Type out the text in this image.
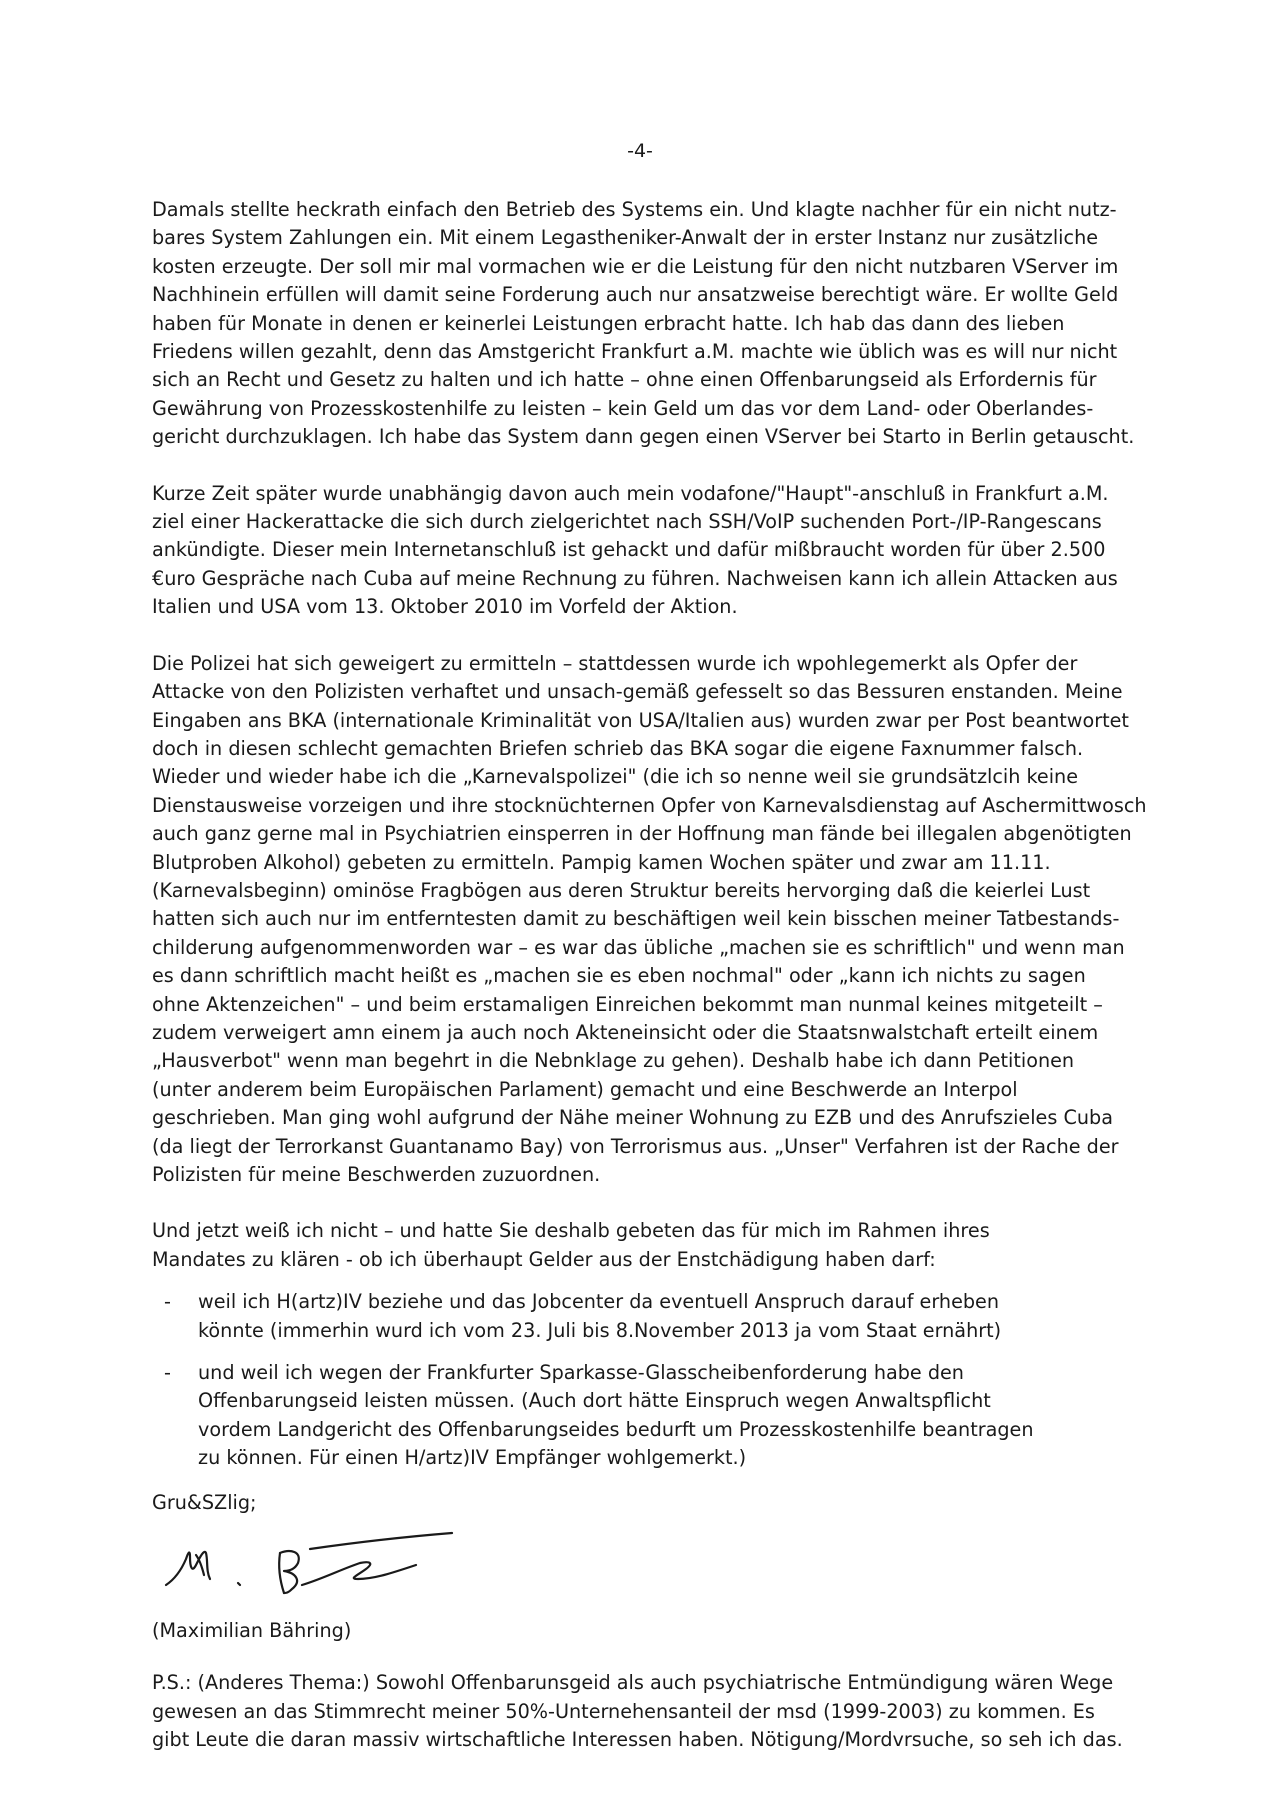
-4-
Damals stellte heckrath einfach den Betrieb des Systems ein. Und klagte nachher für ein nicht nutz-
bares System Zahlungen ein. Mit einem Legastheniker-Anwalt der in erster Instanz nur zusätzliche
kosten erzeugte. Der soll mir mal vormachen wie er die Leistung für den nicht nutzbaren VServer im
Nachhinein erfüllen will damit seine Forderung auch nur ansatzweise berechtigt wäre. Er wollte Geld
haben für Monate in denen er keinerlei Leistungen erbracht hatte. Ich hab das dann des lieben
Friedens willen gezahlt, denn das Amstgericht Frankfurt a.M. machte wie üblich was es will nur nicht
sich an Recht und Gesetz zu halten und ich hatte – ohne einen Offenbarungseid als Erfordernis für
Gewährung von Prozesskostenhilfe zu leisten – kein Geld um das vor dem Land- oder Oberlandes-
gericht durchzuklagen. Ich habe das System dann gegen einen VServer bei Starto in Berlin getauscht.
Kurze Zeit später wurde unabhängig davon auch mein vodafone/"Haupt"-anschluß in Frankfurt a.M.
ziel einer Hackerattacke die sich durch zielgerichtet nach SSH/VoIP suchenden Port-/IP-Rangescans
ankündigte. Dieser mein Internetanschluß ist gehackt und dafür mißbraucht worden für über 2.500
€uro Gespräche nach Cuba auf meine Rechnung zu führen. Nachweisen kann ich allein Attacken aus
Italien und USA vom 13. Oktober 2010 im Vorfeld der Aktion.
Die Polizei hat sich geweigert zu ermitteln – stattdessen wurde ich wpohlegemerkt als Opfer der
Attacke von den Polizisten verhaftet und unsach-gemäß gefesselt so das Bessuren enstanden. Meine
Eingaben ans BKA (internationale Kriminalität von USA/Italien aus) wurden zwar per Post beantwortet
doch in diesen schlecht gemachten Briefen schrieb das BKA sogar die eigene Faxnummer falsch.
Wieder und wieder habe ich die „Karnevalspolizei" (die ich so nenne weil sie grundsätzlcih keine
Dienstausweise vorzeigen und ihre stocknüchternen Opfer von Karnevalsdienstag auf Aschermittwosch
auch ganz gerne mal in Psychiatrien einsperren in der Hoffnung man fände bei illegalen abgenötigten
Blutproben Alkohol) gebeten zu ermitteln. Pampig kamen Wochen später und zwar am 11.11.
(Karnevalsbeginn) ominöse Fragbögen aus deren Struktur bereits hervorging daß die keierlei Lust
hatten sich auch nur im entferntesten damit zu beschäftigen weil kein bisschen meiner Tatbestands-
childerung aufgenommenworden war – es war das übliche „machen sie es schriftlich" und wenn man
es dann schriftlich macht heißt es „machen sie es eben nochmal" oder „kann ich nichts zu sagen
ohne Aktenzeichen" – und beim erstamaligen Einreichen bekommt man nunmal keines mitgeteilt –
zudem verweigert amn einem ja auch noch Akteneinsicht oder die Staatsnwalstchaft erteilt einem
„Hausverbot" wenn man begehrt in die Nebnklage zu gehen). Deshalb habe ich dann Petitionen
(unter anderem beim Europäischen Parlament) gemacht und eine Beschwerde an Interpol
geschrieben. Man ging wohl aufgrund der Nähe meiner Wohnung zu EZB und des Anrufszieles Cuba
(da liegt der Terrorkanst Guantanamo Bay) von Terrorismus aus. „Unser" Verfahren ist der Rache der
Polizisten für meine Beschwerden zuzuordnen.
Und jetzt weiß ich nicht – und hatte Sie deshalb gebeten das für mich im Rahmen ihres
Mandates zu klären - ob ich überhaupt Gelder aus der Enstchädigung haben darf:
- weil ich H(artz)IV beziehe und das Jobcenter da eventuell Anspruch darauf erheben
könnte (immerhin wurd ich vom 23. Juli bis 8.November 2013 ja vom Staat ernährt)
- und weil ich wegen der Frankfurter Sparkasse-Glasscheibenforderung habe den
Offenbarungseid leisten müssen. (Auch dort hätte Einspruch wegen Anwaltspflicht
vordem Landgericht des Offenbarungseides bedurft um Prozesskostenhilfe beantragen
zu können. Für einen H/artz)IV Empfänger wohlgemerkt.)
Gru&SZlig;
(Maximilian Bähring)
P.S.: (Anderes Thema:) Sowohl Offenbarunsgeid als auch psychiatrische Entmündigung wären Wege
gewesen an das Stimmrecht meiner 50%-Unternehensanteil der msd (1999-2003) zu kommen. Es
gibt Leute die daran massiv wirtschaftliche Interessen haben. Nötigung/Mordvrsuche, so seh ich das.
